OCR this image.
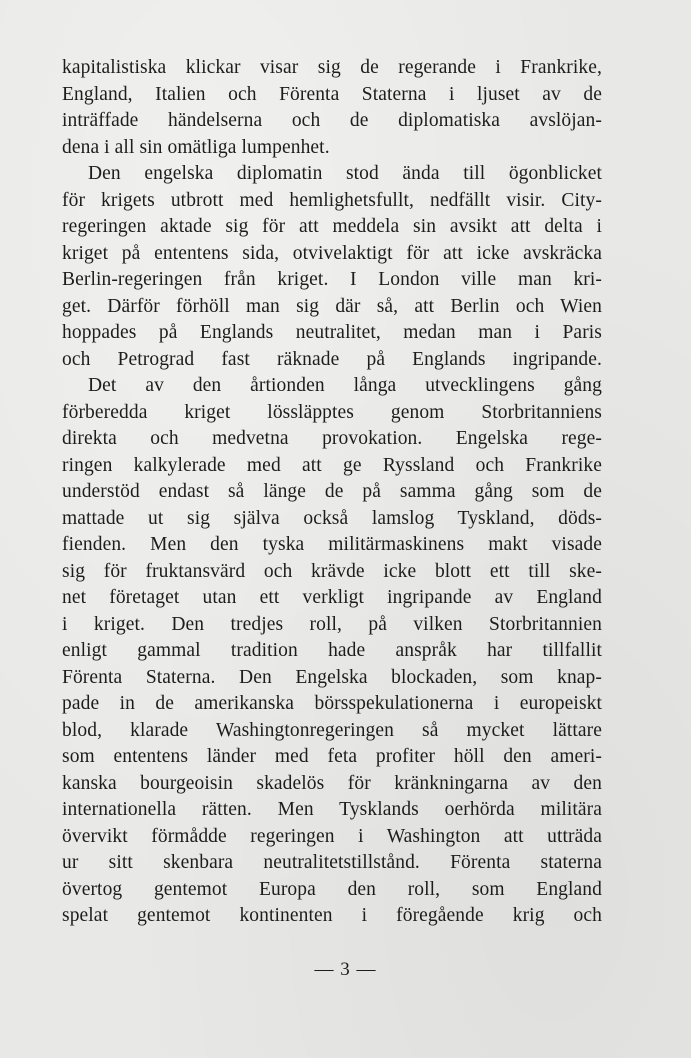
kapitalistiska klickar visar sig de regerande i Frankrike,
England, Italien och Förenta Staterna i ljuset av de
inträffade händelserna och de diplomatiska avslöjan-
dena i all sin omätliga lumpenhet.
Den engelska diplomatin stod ända till ögonblicket
för krigets utbrott med hemlighetsfullt, nedfällt visir. City-
regeringen aktade sig för att meddela sin avsikt att delta i
kriget på ententens sida, otvivelaktigt för att icke avskräcka
Berlin-regeringen från kriget. I London ville man kri-
get. Därför förhöll man sig där så, att Berlin och Wien
hoppades på Englands neutralitet, medan man i Paris
och Petrograd fast räknade på Englands ingripande.
Det av den årtionden långa utvecklingens gång
förberedda kriget lössläpptes genom Storbritanniens
direkta och medvetna provokation. Engelska rege-
ringen kalkylerade med att ge Ryssland och Frankrike
understöd endast så länge de på samma gång som de
mattade ut sig själva också lamslog Tyskland, döds-
fienden. Men den tyska militärmaskinens makt visade
sig för fruktansvärd och krävde icke blott ett till ske-
net företaget utan ett verkligt ingripande av England
i kriget. Den tredjes roll, på vilken Storbritannien
enligt gammal tradition hade anspråk har tillfallit
Förenta Staterna. Den Engelska blockaden, som knap-
pade in de amerikanska börsspekulationerna i europeiskt
blod, klarade Washingtonregeringen så mycket lättare
som ententens länder med feta profiter höll den ameri-
kanska bourgeoisin skadelös för kränkningarna av den
internationella rätten. Men Tysklands oerhörda militära
övervikt förmådde regeringen i Washington att utträda
ur sitt skenbara neutralitetstillstånd. Förenta staterna
övertog gentemot Europa den roll, som England
spelat gentemot kontinenten i föregående krig och
— 3 —
